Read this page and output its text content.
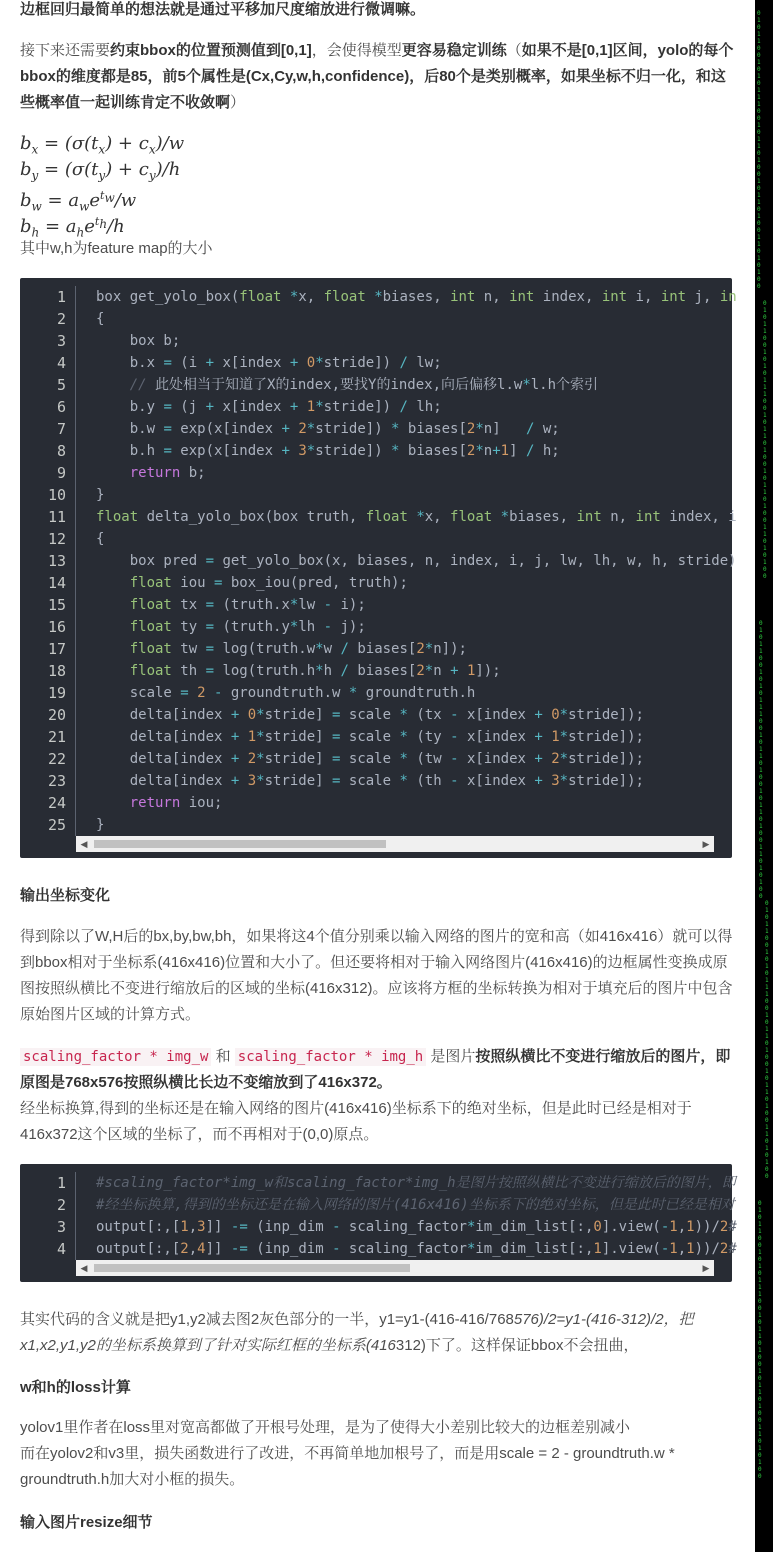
边框回归最简单的想法就是通过平移加尺度缩放进行微调嘛。

接下来还需要约束bbox的位置预测值到[0,1]，会使得模型更容易稳定训练（如果不是[0,1]区间，yolo的每个bbox的维度都是85，前5个属性是(Cx,Cy,w,h,confidence)，后80个是类别概率，如果坐标不归一化，和这些概率值一起训练肯定不收敛啊）

$b_x = (\sigma(t_x) + c_x)/w$
$b_y = (\sigma(t_y) + c_y)/h$
$b_w = a_we^{t_w}/w$
$b_h = a_he^{t_h}/h$

其中w,h为feature map的大小

1	box get_yolo_box(float *x, float *biases, int n, int index, int i, int j, in
2	{
3	box b;
4	b.x = (i + x[index + 0*stride]) / lw;
5	// 此处相当于知道了X的index,要找Y的index,向后偏移l.w*l.h个索引
6	b.y = (j + x[index + 1*stride]) / lh;
7	b.w = exp(x[index + 2*stride]) * biases[2*n]   / w;
8	b.h = exp(x[index + 3*stride]) * biases[2*n+1] / h;
9	return b;
10	}
11	float delta_yolo_box(box truth, float *x, float *biases, int n, int index, i
12	{
13	box pred = get_yolo_box(x, biases, n, index, i, j, lw, lh, w, h, stride)
14	float iou = box_iou(pred, truth);
15	float tx = (truth.x*lw - i);
16	float ty = (truth.y*lh - j);
17	float tw = log(truth.w*w / biases[2*n]);
18	float th = log(truth.h*h / biases[2*n + 1]);
19	scale = 2 - groundtruth.w * groundtruth.h
20	delta[index + 0*stride] = scale * (tx - x[index + 0*stride]);
21	delta[index + 1*stride] = scale * (ty - x[index + 1*stride]);
22	delta[index + 2*stride] = scale * (tw - x[index + 2*stride]);
23	delta[index + 3*stride] = scale * (th - x[index + 3*stride]);
24	return iou;
25	}
◀	▶
输出坐标变化

得到除以了W,H后的bx,by,bw,bh，如果将这4个值分别乘以输入网络的图片的宽和高（如416x416）就可以得到bbox相对于坐标系(416x416)位置和大小了。但还要将相对于输入网络图片(416x416)的边框属性变换成原图按照纵横比不变进行缩放后的区域的坐标(416x312)。应该将方框的坐标转换为相对于填充后的图片中包含原始图片区域的计算方式。

scaling_factor * img_w 和 scaling_factor * img_h 是图片按照纵横比不变进行缩放后的图片，即原图是768x576按照纵横比长边不变缩放到了416x372。
经坐标换算,得到的坐标还是在输入网络的图片(416x416)坐标系下的绝对坐标，但是此时已经是相对于416x372这个区域的坐标了，而不再相对于(0,0)原点。

1	#scaling_factor*img_w和scaling_factor*img_h是图片按照纵横比不变进行缩放后的图片，即
2	#经坐标换算,得到的坐标还是在输入网络的图片(416x416)坐标系下的绝对坐标，但是此时已经是相对
3	output[:,[1,3]] -= (inp_dim - scaling_factor*im_dim_list[:,0].view(-1,1))/2#
4	output[:,[2,4]] -= (inp_dim - scaling_factor*im_dim_list[:,1].view(-1,1))/2#
◀	▶

其实代码的含义就是把y1,y2减去图2灰色部分的一半，y1=y1-(416-416/768576)/2=y1-(416-312)/2，把x1,x2,y1,y2的坐标系换算到了针对实际红框的坐标系(416312)下了。这样保证bbox不会扭曲，

w和h的loss计算

yolov1里作者在loss里对宽高都做了开根号处理，是为了使得大小差别比较大的边框差别减小
而在yolov2和v3里，损失函数进行了改进，不再简单地加根号了，而是用scale = 2 - groundtruth.w * groundtruth.h加大对小框的损失。

输入图片resize细节
0 1 0 1 1 0 0 1 0 1 0 1 1 1 0 0 1 0 1 1 0 1 0 0 1 0 1 1 0 1 0 0 1 1 0 1 0 1 0 0
0 1 0 1 1 0 0 1 0 1 0 1 1 1 0 0 1 0 1 1 0 1 0 0 1 0 1 1 0 1 0 0 1 1 0 1 0 1 0 0
0 1 0 1 1 0 0 1 0 1 0 1 1 1 0 0 1 0 1 1 0 1 0 0 1 0 1 1 0 1 0 0 1 1 0 1 0 1 0 0
0 1 0 1 1 0 0 1 0 1 0 1 1 1 0 0 1 0 1 1 0 1 0 0 1 0 1 1 0 1 0 0 1 1 0 1 0 1 0 0
0 1 0 1 1 0 0 1 0 1 0 1 1 1 0 0 1 0 1 1 0 1 0 0 1 0 1 1 0 1 0 0 1 1 0 1 0 1 0 0
